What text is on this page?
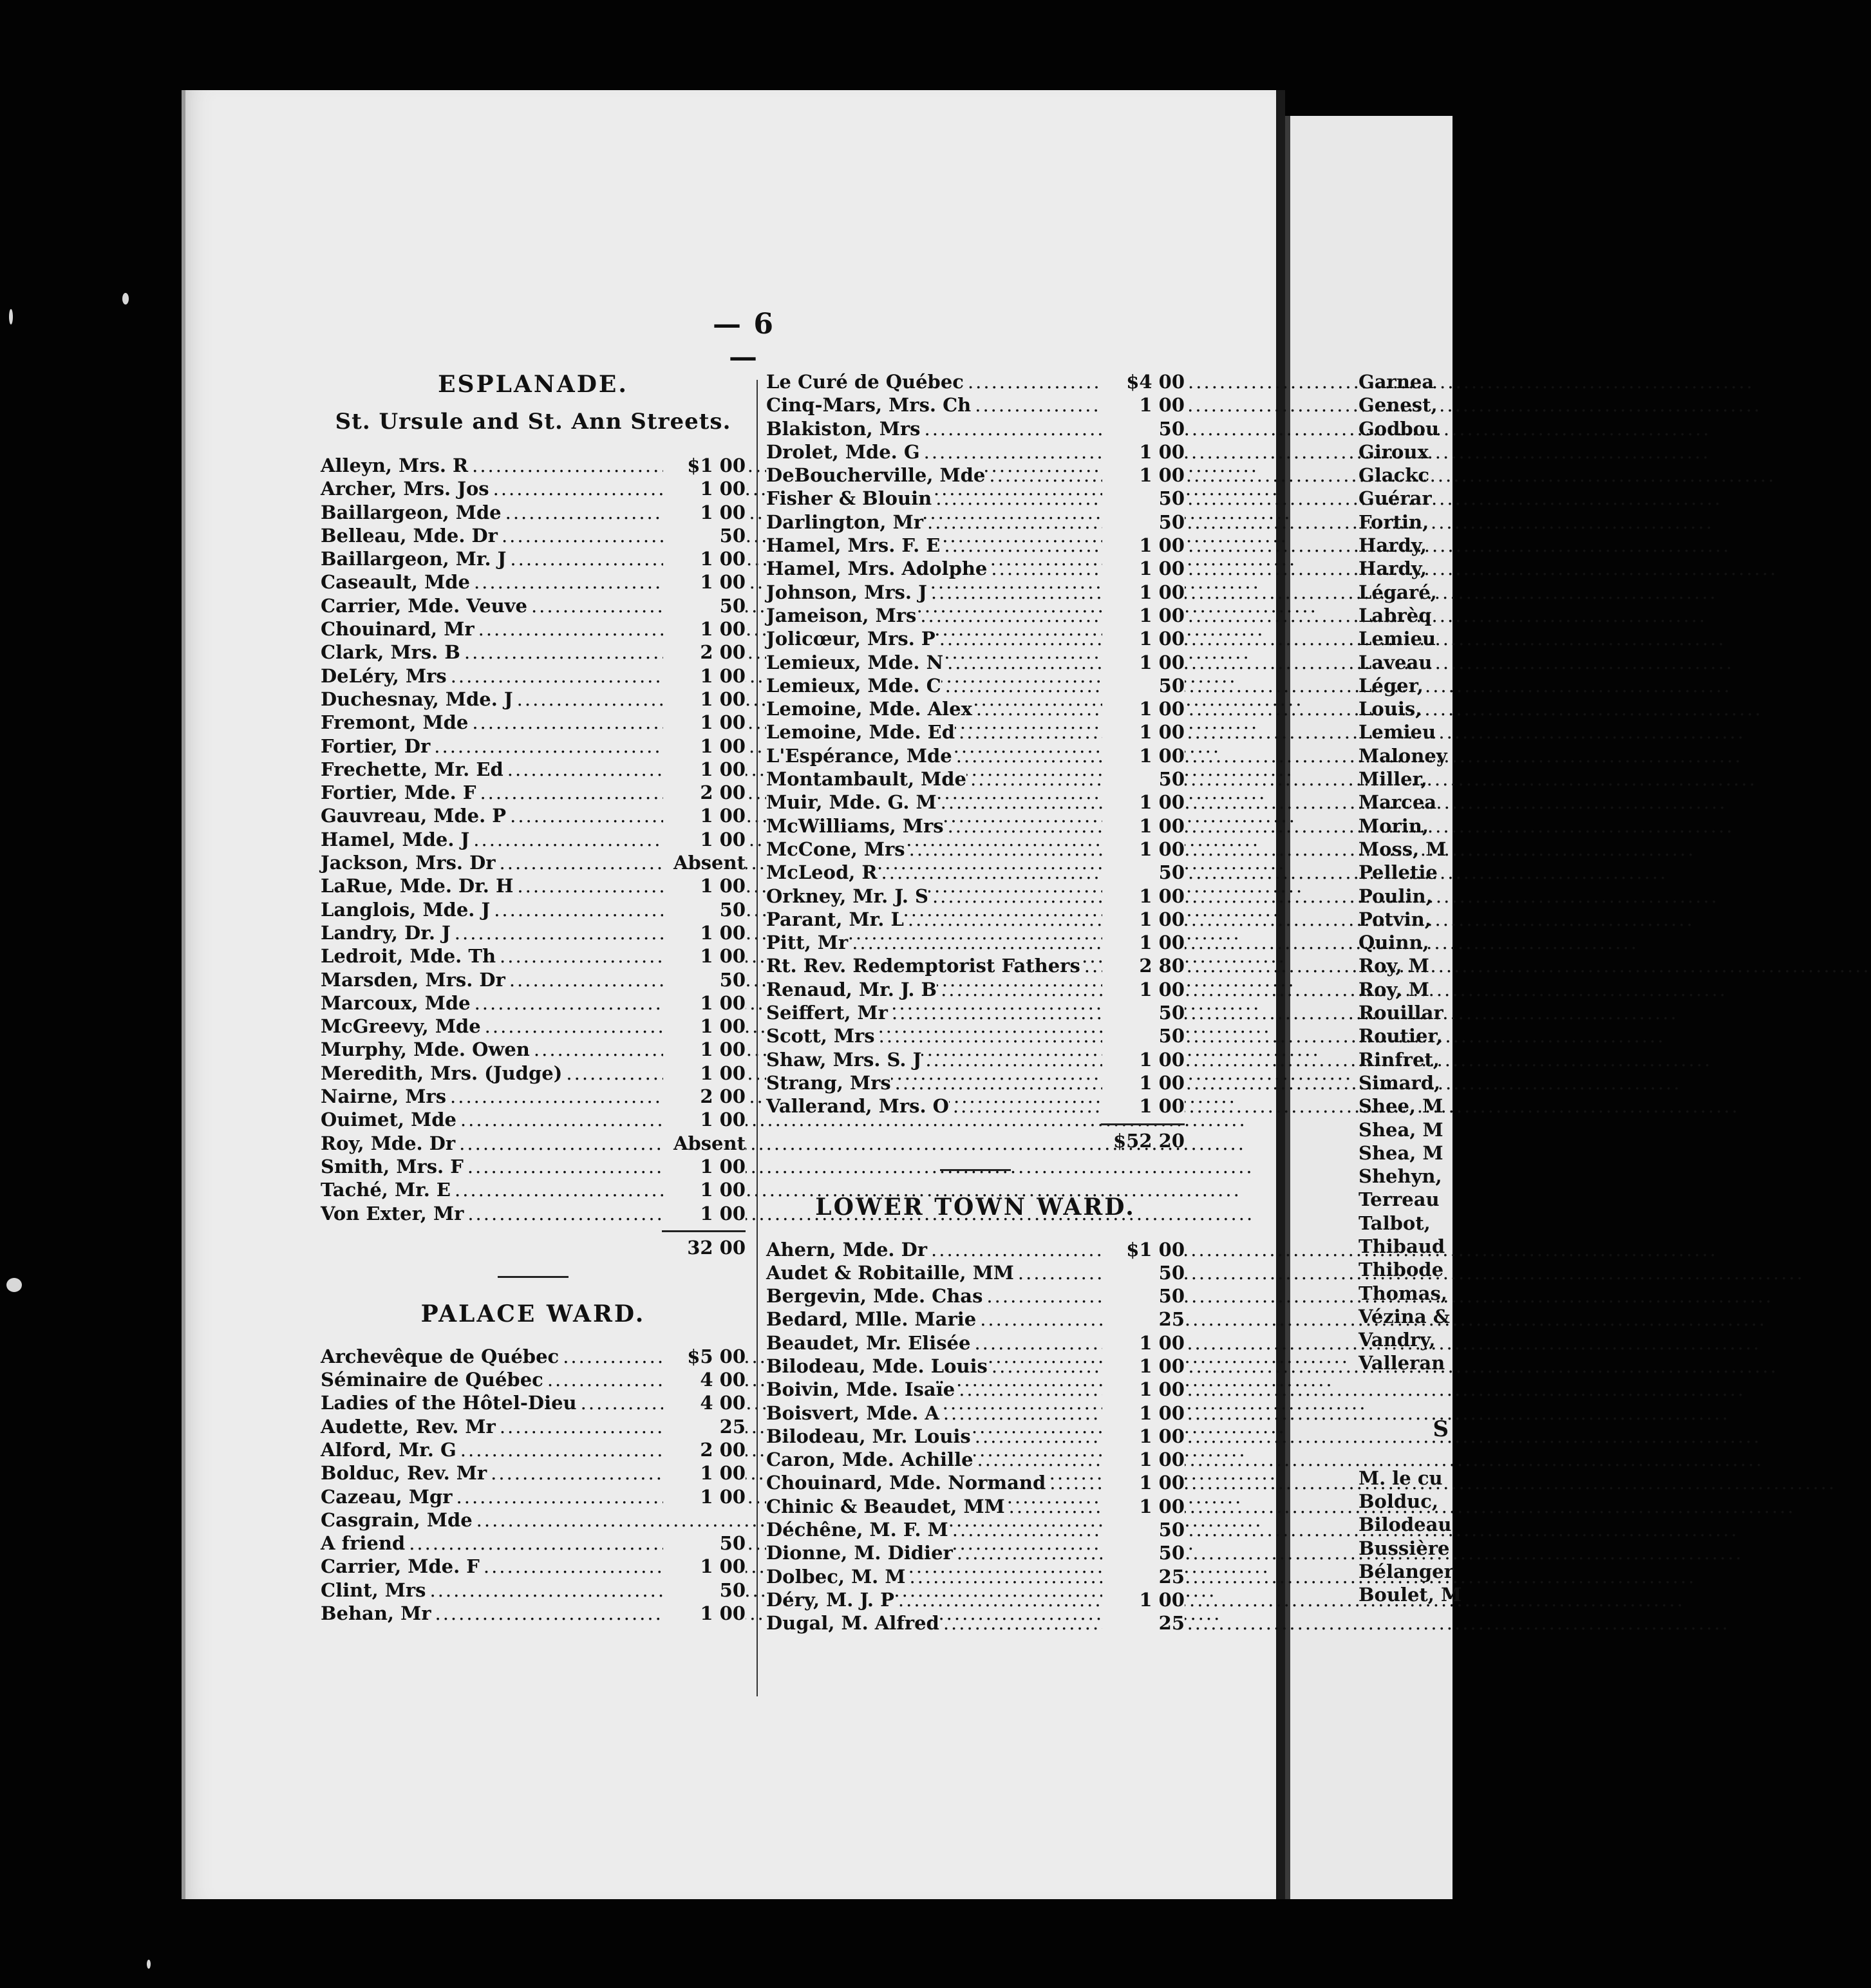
— 6 —
ESPLANADE.
St. Ursule and St. Ann Streets.
Alleyn, Mrs. R .....	$1 00
Archer, Mrs. Jos .....	1 00
Baillargeon, Mde .....	1 00
Belleau, Mde. Dr .....	50
Baillargeon, Mr. J .....	1 00
Caseault, Mde .....	1 00
Carrier, Mde. Veuve .....	50
Chouinard, Mr .....	1 00
Clark, Mrs. B .....	2 00
DeLéry, Mrs .....	1 00
Duchesnay, Mde. J .....	1 00
Fremont, Mde .....	1 00
Fortier, Dr .....	1 00
Frechette, Mr. Ed .....	1 00
Fortier, Mde. F .....	2 00
Gauvreau, Mde. P .....	1 00
Hamel, Mde. J .....	1 00
Jackson, Mrs. Dr .....	Absent
LaRue, Mde. Dr. H .....	1 00
Langlois, Mde. J .....	50
Landry, Dr. J .....	1 00
Ledroit, Mde. Th .....	1 00
Marsden, Mrs. Dr .....	50
Marcoux, Mde .....	1 00
McGreevy, Mde .....	1 00
Murphy, Mde. Owen .....	1 00
Meredith, Mrs. (Judge) .....	1 00
Nairne, Mrs .....	2 00
Ouimet, Mde .....	1 00
Roy, Mde. Dr .....	Absent
Smith, Mrs. F .....	1 00
Taché, Mr. E .....	1 00
Von Exter, Mr .....	1 00
32 00
PALACE WARD.
Archevêque de Québec .....	$5 00
Séminaire de Québec .....	4 00
Ladies of the Hôtel-Dieu .....	4 00
Audette, Rev. Mr .....	25
Alford, Mr. G .....	2 00
Bolduc, Rev. Mr .....	1 00
Cazeau, Mgr .....	1 00
Casgrain, Mde .....
A friend .....	50
Carrier, Mde. F .....	1 00
Clint, Mrs .....	50
Behan, Mr .....	1 00
Le Curé de Québec .....	$4 00
Cinq-Mars, Mrs. Ch .....	1 00
Blakiston, Mrs .....	50
Drolet, Mde. G .....	1 00
DeBoucherville, Mde .....	1 00
Fisher & Blouin .....	50
Darlington, Mr .....	50
Hamel, Mrs. F. E .....	1 00
Hamel, Mrs. Adolphe .....	1 00
Johnson, Mrs. J .....	1 00
Jameison, Mrs .....	1 00
Jolicœur, Mrs. P .....	1 00
Lemieux, Mde. N .....	1 00
Lemieux, Mde. C .....	50
Lemoine, Mde. Alex .....	1 00
Lemoine, Mde. Ed .....	1 00
L'Espérance, Mde .....	1 00
Montambault, Mde .....	50
Muir, Mde. G. M .....	1 00
McWilliams, Mrs .....	1 00
McCone, Mrs .....	1 00
McLeod, R .....	50
Orkney, Mr. J. S .....	1 00
Parant, Mr. L .....	1 00
Pitt, Mr .....	1 00
Rt. Rev. Redemptorist Fathers .....	2 80
Renaud, Mr. J. B .....	1 00
Seiffert, Mr .....	50
Scott, Mrs .....	50
Shaw, Mrs. S. J .....	1 00
Strang, Mrs .....	1 00
Vallerand, Mrs. O .....	1 00
$52 20
LOWER TOWN WARD.
Ahern, Mde. Dr .....	$1 00
Audet & Robitaille, MM .....	50
Bergevin, Mde. Chas .....	50
Bedard, Mlle. Marie .....	25
Beaudet, Mr. Elisée .....	1 00
Bilodeau, Mde. Louis .....	1 00
Boivin, Mde. Isaïe .....	1 00
Boisvert, Mde. A .....	1 00
Bilodeau, Mr. Louis .....	1 00
Caron, Mde. Achille .....	1 00
Chouinard, Mde. Normand .....	1 00
Chinic & Beaudet, MM .....	1 00
Déchêne, M. F. M .....	50
Dionne, M. Didier .....	50
Dolbec, M. M .....	25
Déry, M. J. P .....	1 00
Dugal, M. Alfred .....	25
Garnea
Genest,
Godbou
Giroux
Glackc
Guérar
Fortin,
Hardy,
Hardy,
Légaré,
Labrèq
Lemieu
Laveau
Léger,
Louis,
Lemieu
Maloney
Miller,
Marcea
Morin,
Moss, M
Pelletie
Poulin,
Potvin,
Quinn,
Roy, M
Roy, M
Rouillar
Routier,
Rinfret,
Simard,
Shee, M
Shea, M
Shea, M
Shehyn,
Terreau
Talbot,
Thibaud
Thibode
Thomas,
Vézina &
Vandry,
Valleran
S
M. le cu
Bolduc,
Bilodeau
Bussière
Bélanger
Boulet, M
